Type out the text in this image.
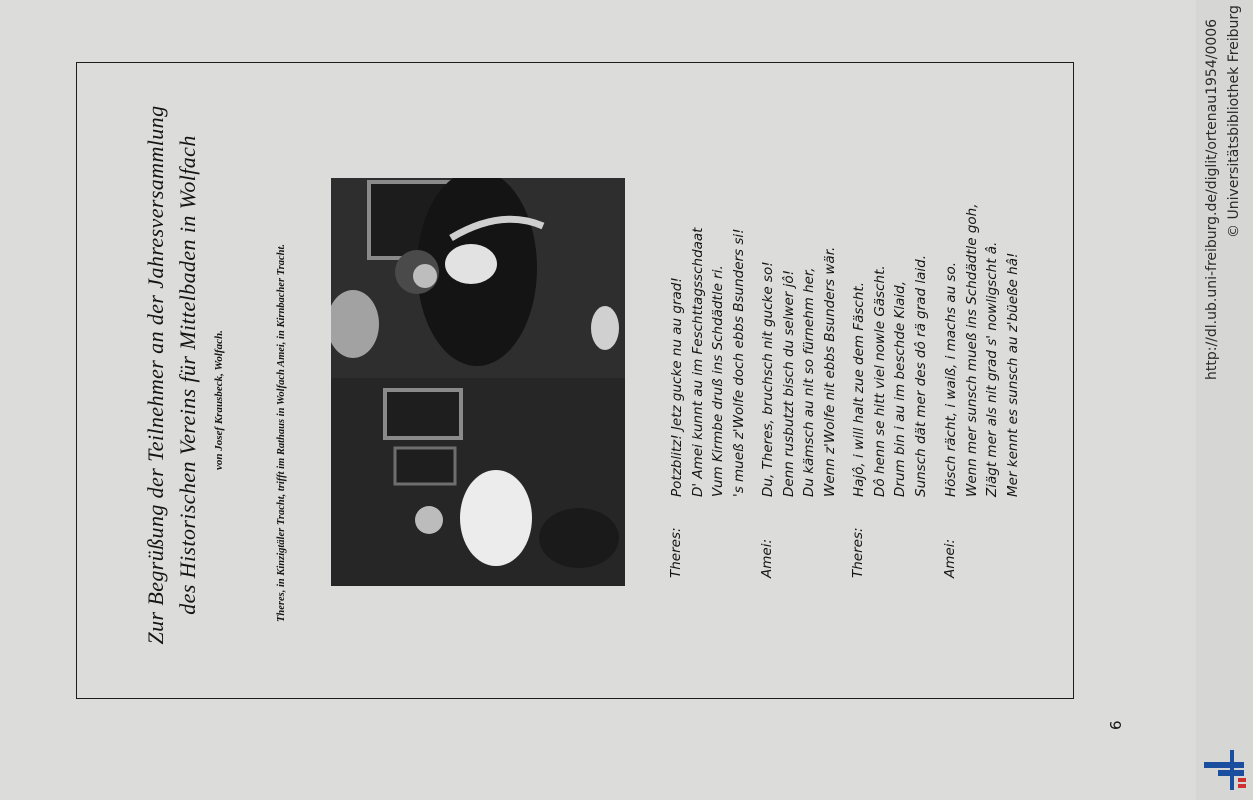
Zur Begrüßung der Teilnehmer an der Jahresversammlung des Historischen Vereins für Mittelbaden in Wolfach	von Josef Krausbeck, Wolfach.	Theres, in Kinzigtäler Tracht, trifft im Rathaus in Wolfach Amei, in Kirnbacher Tracht.	Theres:
Potzblitz! Jetz gucke nu au grad! D' Amei kunnt au im Feschttagsschdaat Vum Kirmbe druß ins Schdädtle ri. 's mueß z'Wolfe doch ebbs Bsunders si!
Amei:
Du, Theres, bruchsch nit gucke so! Denn rusbutzt bisch du selwer jô! Du kämsch au nit so fürnehm her, Wenn z'Wolfe nit ebbs Bsunders wär.
Theres:
Hajô, i will halt zue dem Fäscht. Dô henn se hitt viel nowle Gäscht. Drum bin i au im beschde Klaid, Sunsch dät mer des dô rä grad laid.
Amei:
Hösch rächt, i waiß, i machs au so. Wenn mer sunsch mueß ins Schdädtle goh, Ziägt mer als nit grad s' nowligscht â. Mer kennt es sunsch au z'büeße hâ!
6
http://dl.ub.uni-freiburg.de/diglit/ortenau1954/0006 © Universitätsbibliothek Freiburg
